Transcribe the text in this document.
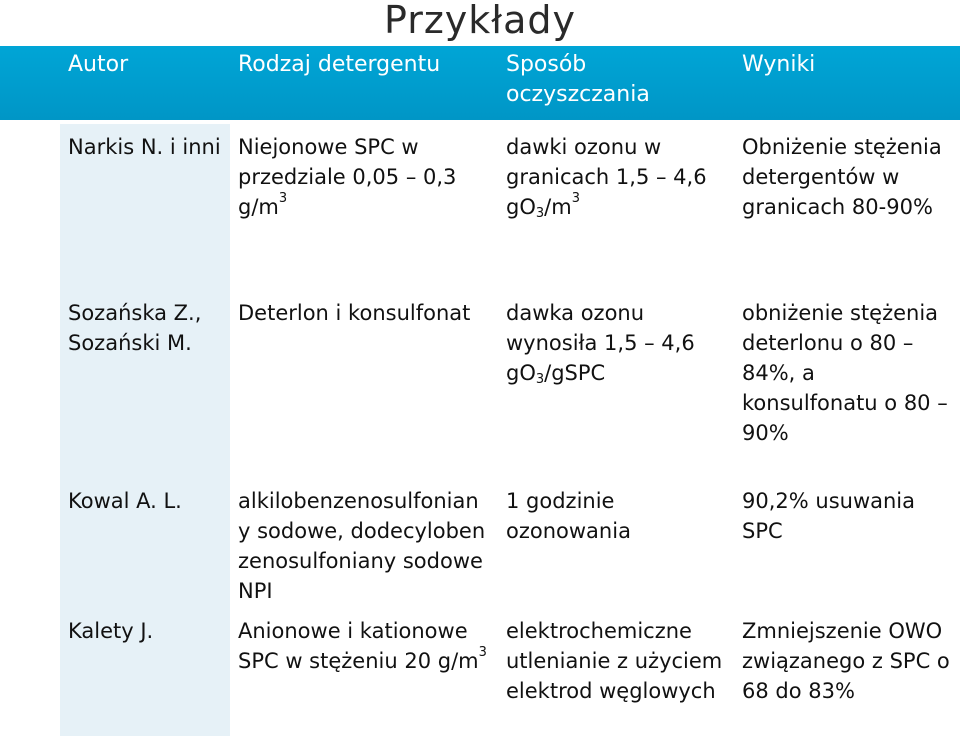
Przykłady
Autor	Rodzaj detergentu	Sposób oczyszczania	Wyniki
Narkis N. i inni	Niejonowe SPC w przedziale 0,05 – 0,3 $g/m^3$	dawki ozonu w granicach 1,5 – 4,6 $gO_3/m^3$	Obniżenie stężenia detergentów w granicach 80-90%
Sozańska Z., Sozański M.	Deterlon i konsulfonat	dawka ozonu wynosiła 1,5 – 4,6 $gO_3$/gSPC	obniżenie stężenia deterlonu o 80 – 84%, a konsulfonatu o 80 – 90%
Kowal A. L.	alkilobenzenosulfoniany sodowe, dodecylobenzenosulfoniany sodowe NPI	1 godzinie ozonowania	90,2% usuwania SPC
Kalety J.	Anionowe i kationowe SPC w stężeniu 20 $g/m^3$	elektrochemiczne utlenianie z użyciem elektrod węglowych	Zmniejszenie OWO związanego z SPC o 68 do 83%
